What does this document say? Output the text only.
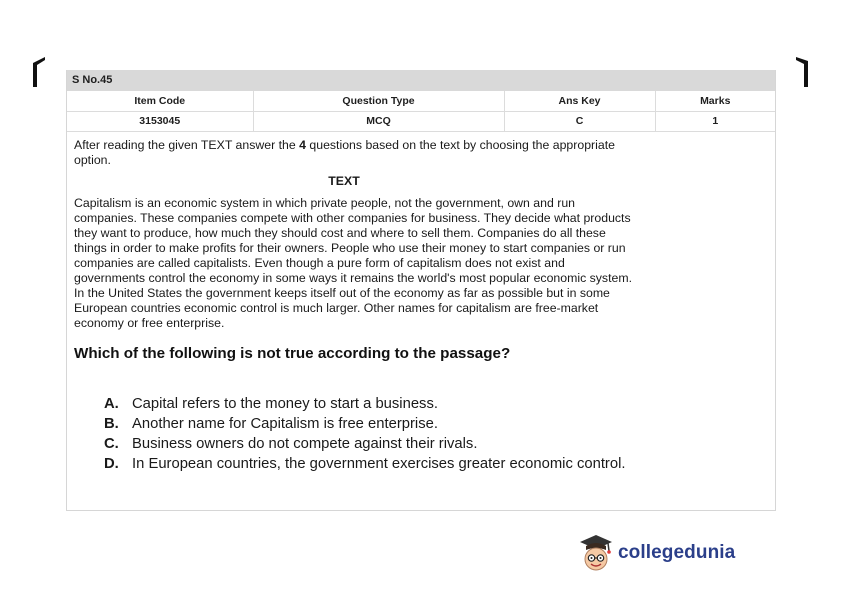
S No.45
Item Code	Question Type	Ans Key	Marks
3153045	MCQ	C	1

After reading the given TEXT answer the 4 questions based on the text by choosing the appropriate option.

TEXT

Capitalism is an economic system in which private people, not the government, own and run companies. These companies compete with other companies for business. They decide what products they want to produce, how much they should cost and where to sell them. Companies do all these things in order to make profits for their owners. People who use their money to start companies or run companies are called capitalists. Even though a pure form of capitalism does not exist and governments control the economy in some ways it remains the world's most popular economic system. In the United States the government keeps itself out of the economy as far as possible but in some European countries economic control is much larger. Other names for capitalism are free-market economy or free enterprise.

Which of the following is not true according to the passage?
A. Capital refers to the money to start a business.
B. Another name for Capitalism is free enterprise.
C. Business owners do not compete against their rivals.
D. In European countries, the government exercises greater economic control.
collegedunia
